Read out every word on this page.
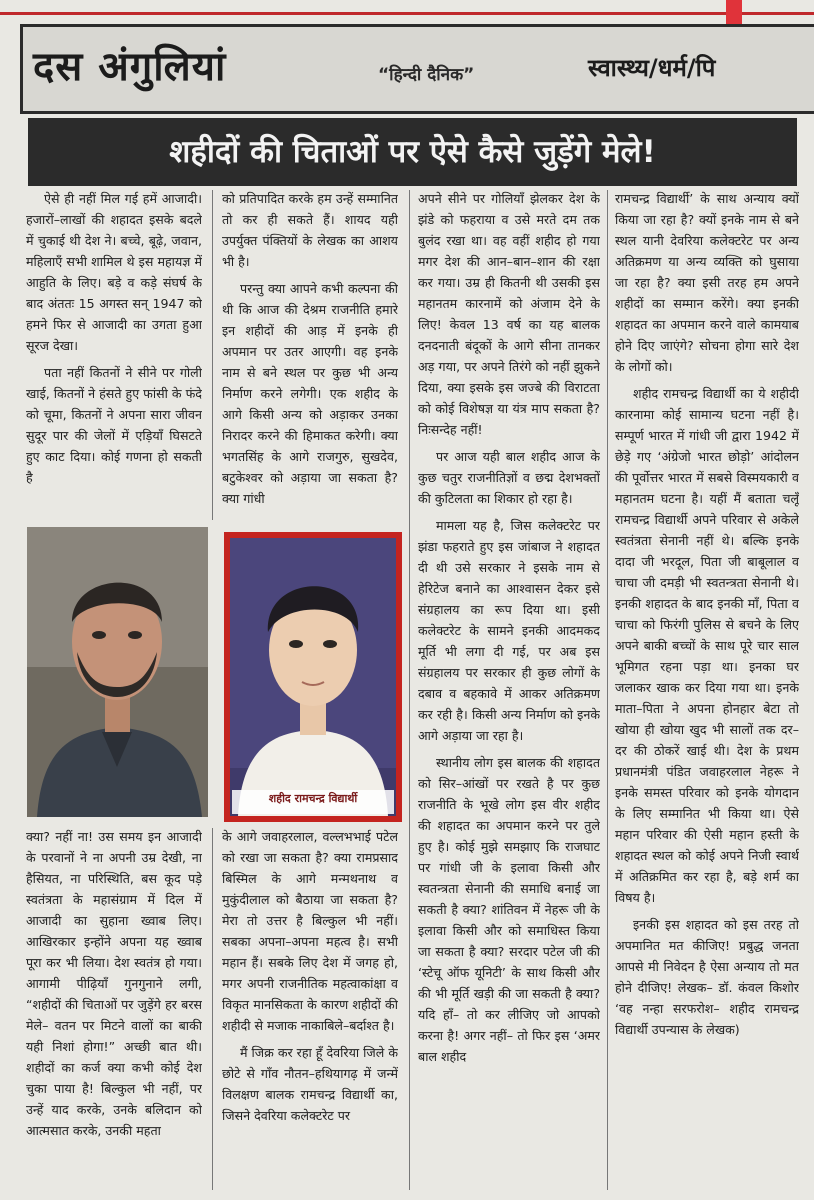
दस अंगुलियां	“हिन्दी दैनिक”	स्वास्थ्य/धर्म/पि
शहीदों की चिताओं पर ऐसे कैसे जुड़ेंगे मेले!

ऐसे ही नहीं मिल गई हमें आजादी। हजारों–लाखों की शहादत इसके बदले में चुकाई थी देश ने। बच्चे, बूढ़े, जवान, महिलाएँ सभी शामिल थे इस महायज्ञ में आहुति के लिए। बड़े व कड़े संघर्ष के बाद अंततः 15 अगस्त सन् 1947 को हमने फिर से आजादी का उगता हुआ सूरज देखा।

पता नहीं कितनों ने सीने पर गोली खाई, कितनों ने हंसते हुए फांसी के फंदे को चूमा, कितनों ने अपना सारा जीवन सुदूर पार की जेलों में एड़ियाँ घिसटते हुए काट दिया। कोई गणना हो सकती है

को प्रतिपादित करके हम उन्हें सम्मानित तो कर ही सकते हैं। शायद यही उपर्युक्त पंक्तियों के लेखक का आशय भी है।

परन्तु क्या आपने कभी कल्पना की थी कि आज की देश्रम राजनीति हमारे इन शहीदों की आड़ में इनके ही अपमान पर उतर आएगी। वह इनके नाम से बने स्थल पर कुछ भी अन्य निर्माण करने लगेगी। एक शहीद के आगे किसी अन्य को अड़ाकर उनका निरादर करने की हिमाकत करेगी। क्या भगतसिंह के आगे राजगुरु, सुखदेव, बटुकेश्वर को अड़ाया जा सकता है? क्या गांधी

शहीद रामचन्द्र विद्यार्थी

क्या? नहीं ना! उस समय इन आजादी के परवानों ने ना अपनी उम्र देखी, ना हैसियत, ना परिस्थिति, बस कूद पड़े स्वतंत्रता के महासंग्राम में दिल में आजादी का सुहाना ख्वाब लिए। आखिरकार इन्होंने अपना यह ख्वाब पूरा कर भी लिया। देश स्वतंत्र हो गया। आगामी पीढ़ियाँ गुनगुनाने लगी, “शहीदों की चिताओं पर जुड़ेंगे हर बरस मेले– वतन पर मिटने वालों का बाकी यही निशां होगा!” अच्छी बात थी। शहीदों का कर्ज क्या कभी कोई देश चुका पाया है! बिल्कुल भी नहीं, पर उन्हें याद करके, उनके बलिदान को आत्मसात करके, उनकी महता

के आगे जवाहरलाल, वल्लभभाई पटेल को रखा जा सकता है? क्या रामप्रसाद बिस्मिल के आगे मन्मथनाथ व मुकुंदीलाल को बैठाया जा सकता है? मेरा तो उत्तर है बिल्कुल भी नहीं। सबका अपना–अपना महत्व है। सभी महान हैं। सबके लिए देश में जगह हो, मगर अपनी राजनीतिक महत्वाकांक्षा व विकृत मानसिकता के कारण शहीदों की शहीदी से मजाक नाकाबिले–बर्दाश्त है।

मैं जिक्र कर रहा हूँ देवरिया जिले के छोटे से गाँव नौतन–हथियागढ़ में जन्में विलक्षण बालक रामचन्द्र विद्यार्थी का, जिसने देवरिया कलेक्टरेट पर

अपने सीने पर गोलियाँ झेलकर देश के झंडे को फहराया व उसे मरते दम तक बुलंद रखा था। वह वहीं शहीद हो गया मगर देश की आन–बान–शान की रक्षा कर गया। उम्र ही कितनी थी उसकी इस महानतम कारनामें को अंजाम देने के लिए! केवल 13 वर्ष का यह बालक दनदनाती बंदूकों के आगे सीना तानकर अड़ गया, पर अपने तिरंगे को नहीं झुकने दिया, क्या इसके इस जज्बे की विराटता को कोई विशेषज्ञ या यंत्र माप सकता है? निःसन्देह नहीं!

पर आज यही बाल शहीद आज के कुछ चतुर राजनीतिज्ञों व छद्म देशभक्तों की कुटिलता का शिकार हो रहा है।

मामला यह है, जिस कलेक्टरेट पर झंडा फहराते हुए इस जांबाज ने शहादत दी थी उसे सरकार ने इसके नाम से हेरिटेज बनाने का आश्वासन देकर इसे संग्रहालय का रूप दिया था। इसी कलेक्टरेट के सामने इनकी आदमकद मूर्ति भी लगा दी गई, पर अब इस संग्रहालय पर सरकार ही कुछ लोगों के दबाव व बहकावे में आकर अतिक्रमण कर रही है। किसी अन्य निर्माण को इनके आगे अड़ाया जा रहा है।

स्थानीय लोग इस बालक की शहादत को सिर–आंखों पर रखते है पर कुछ राजनीति के भूखे लोग इस वीर शहीद की शहादत का अपमान करने पर तुले हुए है। कोई मुझे समझाए कि राजघाट पर गांधी जी के इलावा किसी और स्वतन्त्रता सेनानी की समाधि बनाई जा सकती है क्या? शांतिवन में नेहरू जी के इलावा किसी और को समाधिस्त किया जा सकता है क्या? सरदार पटेल जी की ‘स्टेचू ऑफ यूनिटी’ के साथ किसी और की भी मूर्ति खड़ी की जा सकती है क्या? यदि हाँ– तो कर लीजिए जो आपको करना है! अगर नहीं– तो फिर इस ‘अमर बाल शहीद

रामचन्द्र विद्यार्थी’ के साथ अन्याय क्यों किया जा रहा है? क्यों इनके नाम से बने स्थल यानी देवरिया कलेक्टरेट पर अन्य अतिक्रमण या अन्य व्यक्ति को घुसाया जा रहा है? क्या इसी तरह हम अपने शहीदों का सम्मान करेंगे। क्या इनकी शहादत का अपमान करने वाले कामयाब होने दिए जाएंगे? सोचना होगा सारे देश के लोगों को।

शहीद रामचन्द्र विद्यार्थी का ये शहीदी कारनामा कोई सामान्य घटना नहीं है। सम्पूर्ण भारत में गांधी जी द्वारा 1942 में छेड़े गए ‘अंग्रेजो भारत छोड़ो’ आंदोलन की पूर्वोत्तर भारत में सबसे विस्मयकारी व महानतम घटना है। यहीं मैं बताता चलूँ रामचन्द्र विद्यार्थी अपने परिवार से अकेले स्वतंत्रता सेनानी नहीं थे। बल्कि इनके दादा जी भरदूल, पिता जी बाबूलाल व चाचा जी दमड़ी भी स्वतन्त्रता सेनानी थे। इनकी शहादत के बाद इनकी माँ, पिता व चाचा को फिरंगी पुलिस से बचने के लिए अपने बाकी बच्चों के साथ पूरे चार साल भूमिगत रहना पड़ा था। इनका घर जलाकर खाक कर दिया गया था। इनके माता–पिता ने अपना होनहार बेटा तो खोया ही खोया खुद भी सालों तक दर–दर की ठोकरें खाई थी। देश के प्रथम प्रधानमंत्री पंडित जवाहरलाल नेहरू ने इनके समस्त परिवार को इनके योगदान के लिए सम्मानित भी किया था। ऐसे महान परिवार की ऐसी महान हस्ती के शहादत स्थल को कोई अपने निजी स्वार्थ में अतिक्रमित कर रहा है, बड़े शर्म का विषय है।

इनकी इस शहादत को इस तरह तो अपमानित मत कीजिए! प्रबुद्ध जनता आपसे मी निवेदन है ऐसा अन्याय तो मत होने दीजिए! लेखक– डॉ. कंवल किशोर ‘वह नन्हा सरफरोश– शहीद रामचन्द्र विद्यार्थी उपन्यास के लेखक)
